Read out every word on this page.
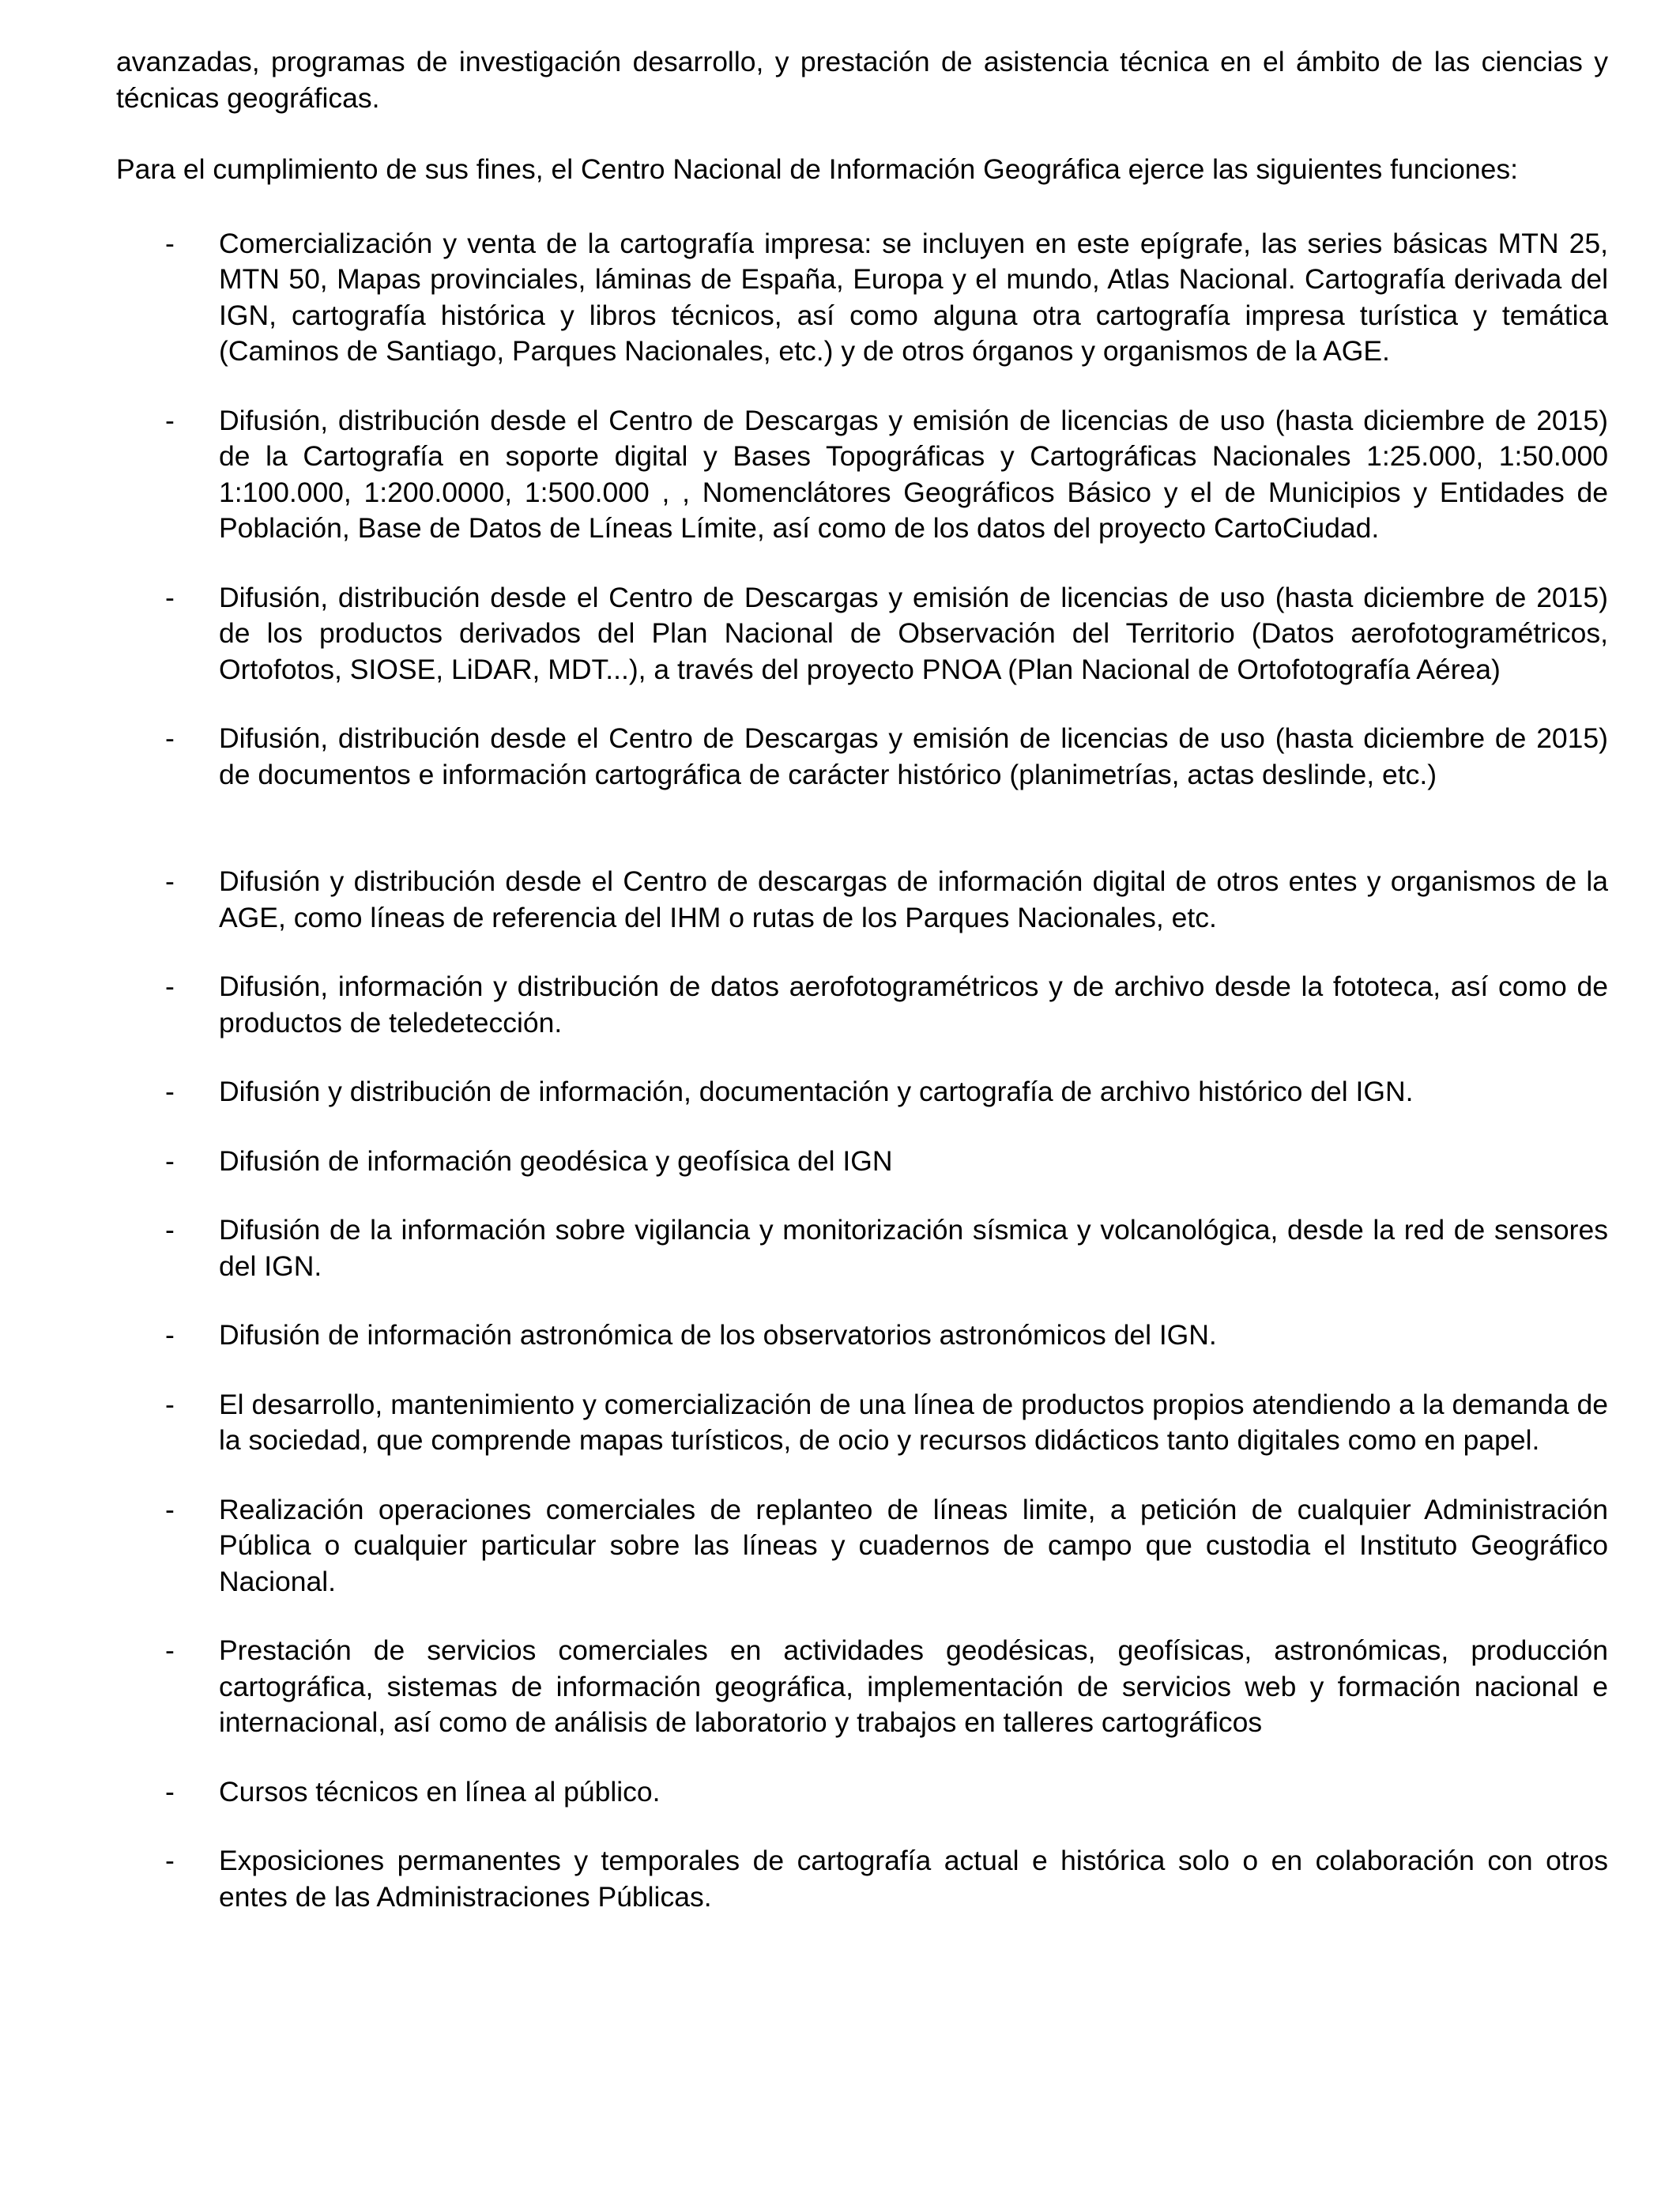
avanzadas, programas de investigación desarrollo, y prestación de asistencia técnica en el ámbito de las ciencias y técnicas geográficas.

Para el cumplimiento de sus fines, el Centro Nacional de Información Geográfica ejerce las siguientes funciones:

- Comercialización y venta de la cartografía impresa: se incluyen en este epígrafe, las series básicas MTN 25, MTN 50, Mapas provinciales, láminas de España, Europa y el mundo, Atlas Nacional. Cartografía derivada del IGN, cartografía histórica y libros técnicos, así como alguna otra cartografía impresa turística y temática (Caminos de Santiago, Parques Nacionales, etc.) y de otros órganos y organismos de la AGE.
- Difusión, distribución desde el Centro de Descargas y emisión de licencias de uso (hasta diciembre de 2015) de la Cartografía en soporte digital y Bases Topográficas y Cartográficas Nacionales 1:25.000, 1:50.000 1:100.000, 1:200.0000, 1:500.000 , , Nomenclátores Geográficos Básico y el de Municipios y Entidades de Población, Base de Datos de Líneas Límite, así como de los datos del proyecto CartoCiudad.
- Difusión, distribución desde el Centro de Descargas y emisión de licencias de uso (hasta diciembre de 2015) de los productos derivados del Plan Nacional de Observación del Territorio (Datos aerofotogramétricos, Ortofotos, SIOSE, LiDAR, MDT...), a través del proyecto PNOA (Plan Nacional de Ortofotografía Aérea)
- Difusión, distribución desde el Centro de Descargas y emisión de licencias de uso (hasta diciembre de 2015) de documentos e información cartográfica de carácter histórico (planimetrías, actas deslinde, etc.)
- Difusión y distribución desde el Centro de descargas de información digital de otros entes y organismos de la AGE, como líneas de referencia del IHM o rutas de los Parques Nacionales, etc.
- Difusión, información y distribución de datos aerofotogramétricos y de archivo desde la fototeca, así como de productos de teledetección.
- Difusión y distribución de información, documentación y cartografía de archivo histórico del IGN.
- Difusión de información geodésica y geofísica del IGN
- Difusión de la información sobre vigilancia y monitorización sísmica y volcanológica, desde la red de sensores del IGN.
- Difusión de información astronómica de los observatorios astronómicos del IGN.
- El desarrollo, mantenimiento y comercialización de una línea de productos propios atendiendo a la demanda de la sociedad, que comprende mapas turísticos, de ocio y recursos didácticos tanto digitales como en papel.
- Realización operaciones comerciales de replanteo de líneas limite, a petición de cualquier Administración Pública o cualquier particular sobre las líneas y cuadernos de campo que custodia el Instituto Geográfico Nacional.
- Prestación de servicios comerciales en actividades geodésicas, geofísicas, astronómicas, producción cartográfica, sistemas de información geográfica, implementación de servicios web y formación nacional e internacional, así como de análisis de laboratorio y trabajos en talleres cartográficos
- Cursos técnicos en línea al público.
- Exposiciones permanentes y temporales de cartografía actual e histórica solo o en colaboración con otros entes de las Administraciones Públicas.
